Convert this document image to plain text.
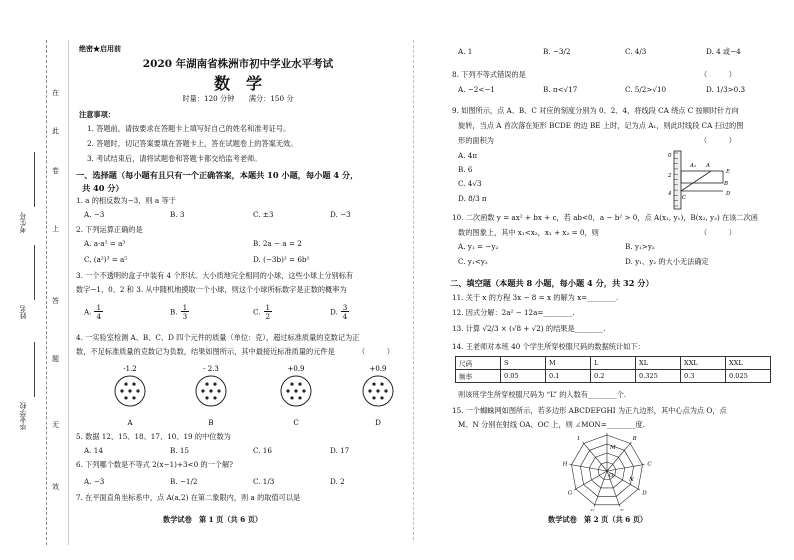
在
此
卷
上
答
题
无
效
考生号
姓名
毕业学校
绝密★启用前
2020 年湖南省株洲市初中学业水平考试
数　学
时量：120 分钟　　满分：150 分
注意事项：
1. 答题前，请按要求在答题卡上填写好自己的姓名和准考证号。
2. 答题时，切记答案要填在答题卡上，答在试题卷上的答案无效。
3. 考试结束后，请将试题卷和答题卡都交给监考老师。
一、选择题（每小题有且只有一个正确答案，本题共 10 小题，每小题 4 分，
共 40 分）
1. a 的相反数为−3，则 a 等于
A. −3	B. 3	C. ±3	D. −3
2. 下列运算正确的是
A. a·a² = a³	B. 2a − a = 2
C. (a²)³ = a⁵	D. (−3b)² = 6b²
3. 一个不透明的盒子中装有 4 个形状、大小质地完全相同的小球，这些小球上分别标有
数字−1、0、2 和 3. 从中随机地摸取一个小球，则这个小球所标数字是正数的概率为
A. $\frac{1}{4}$	B. $\frac{1}{3}$	C. $\frac{1}{2}$	D. $\frac{3}{4}$
4. 一实验室检测 A、B、C、D 四个元件的质量（单位：克），超过标准质量的克数记为正
数，不足标准质量的克数记为负数，结果如图所示，其中最接近标准质量的元件是	（　　　）
-1.2
A
- 2.3
B
+0.9
C
+0.9
D
5. 数据 12、15、18、17、10、19 的中位数为
A. 14	B. 15	C. 16	D. 17
6. 下列哪个数是不等式 2(x−1)+3<0 的一个解?
A. −3	B. −1/2	C. 1/3	D. 2
7. 在平面直角坐标系中，点 A(a,2) 在第二象限内，则 a 的取值可以是
数学试卷　第 1 页（共 6 页）
A. 1	B. −3/2	C. 4/3	D. 4 或−4
8. 下列不等式错误的是	（　　　）
A. −2<−1	B. π<√17	C. 5/2>√10	D. 1/3>0.3
9. 如图所示，点 A、B、C 对应的刻度分别为 0、2、4，将线段 CA 绕点 C 按顺时针方向
旋转，当点 A 首次落在矩形 BCDE 的边 BE 上时，记为点 A₁，则此时线段 CA 扫过的图
形的面积为	（　　　）
A. 4π
B. 6
C. 4√3
D. 8/3 π
A
A₁
E
B
C
D
0
2
4
10. 二次函数 y = ax² + bx + c，若 ab<0，a − b² > 0，点 A(x₁, y₁)，B(x₂, y₂) 在该二次函
数的图象上，其中 x₁<x₂，x₁ + x₂ = 0，则	（　　　）
A. y₁ = −y₂	B. y₁>y₂
C. y₁<y₂	D. y₁、y₂ 的大小无法确定
二、填空题（本题共 8 小题，每小题 4 分，共 32 分）
11. 关于 x 的方程 3x − 8 = x 的解为 x=________.
12. 因式分解：2a² − 12a=________.
13. 计算 √2/3 × (√8 + √2) 的结果是________.
14. 王老师对本班 40 个学生所穿校服尺码的数据统计如下：
尺码	S	M	L	XL	XXL	XXL
频率	0.05	0.1	0.2	0.325	0.3	0.025
则该班学生所穿校服尺码为 “L” 的人数有________个.
15. 一个蜘蛛网如图所示，若多边形 ABCDEFGHI 为正九边形，其中心点为点 O，点
M、N 分别在射线 OA、OC 上，则 ∠MON=________度.
B
C
D
G
H
I
O
M
N
数学试卷　第 2 页（共 6 页）
